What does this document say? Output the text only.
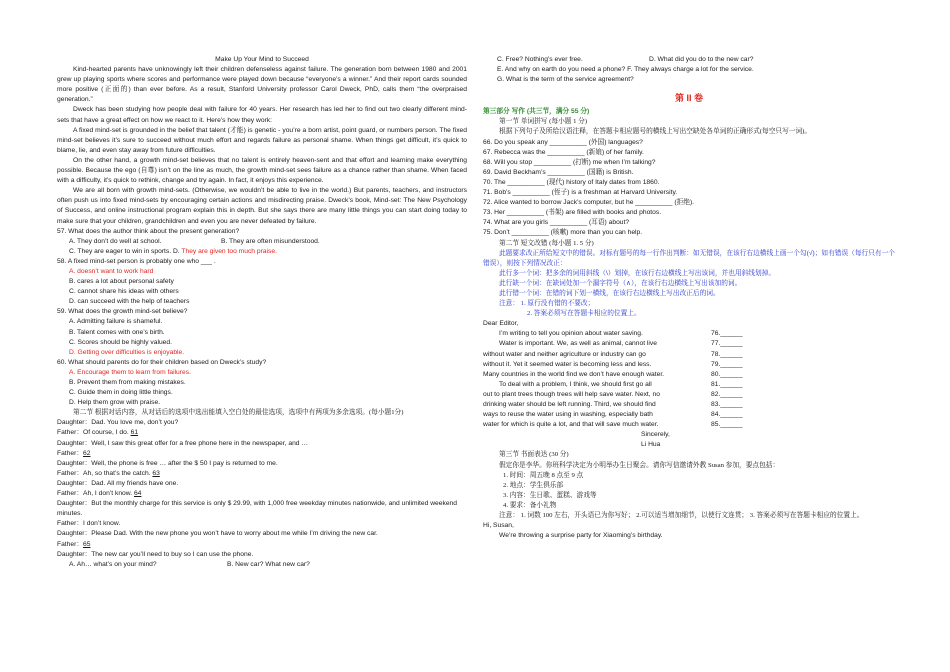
Make Up Your Mind to Succeed
Kind-hearted parents have unknowingly left their children defenseless against failure. The generation born between 1980 and 2001 grew up playing sports where scores and performance were played down because “everyone’s a winner.” And their report cards sounded more positive (正面的) than ever before. As a result, Stanford University professor Carol Dweck, PhD, calls them “the overpraised generation.”
Dweck has been studying how people deal with failure for 40 years. Her research has led her to find out two clearly different mind-sets that have a great effect on how we react to it. Here’s how they work:
A fixed mind-set is grounded in the belief that talent (才能) is genetic - you’re a born artist, point guard, or numbers person. The fixed mind-set believes it’s sure to succeed without much effort and regards failure as personal shame. When things get difficult, it’s quick to blame, lie, and even stay away from future difficulties.
On the other hand, a growth mind-set believes that no talent is entirely heaven-sent and that effort and learning make everything possible. Because the ego (自尊) isn’t on the line as much, the growth mind-set sees failure as a chance rather than shame. When faced with a difficulty, it’s quick to rethink, change and try again. In fact, it enjoys this experience.
We are all born with growth mind-sets. (Otherwise, we wouldn’t be able to live in the world.) But parents, teachers, and instructors often push us into fixed mind-sets by encouraging certain actions and misdirecting praise. Dweck’s book, Mind-set: The New Psychology of Success, and online instructional program explain this in depth. But she says there are many little things you can start doing today to make sure that your children, grandchildren and even you are never defeated by failure.
57. What does the author think about the present generation?
A. They don’t do well at school.	B. They are often misunderstood.
C. They are eager to win in sports. D. They are given too much praise.
58. A fixed mind-set person is probably one who ___ .
A. doesn’t want to work hard
B. cares a lot about personal safety
C. cannot share his ideas with others
D. can succeed with the help of teachers
59. What does the growth mind-set believe?
A. Admitting failure is shameful.
B. Talent comes with one’s birth.
C. Scores should be highly valued.
D. Getting over difficulties is enjoyable.
60. What should parents do for their children based on Dweck’s study?
A. Encourage them to learn from failures.
B. Prevent them from making mistakes.
C. Guide them in doing little things.
D. Help them grow with praise.
第二节 根据对话内容，从对话后的选项中选出能填入空白处的最佳选项，选项中有两项为多余选项。(每小题1分)
Daughter：Dad. You love me, don’t you?
Father：Of course, I do. 61
Daughter：Well, I saw this great offer for a free phone here in the newspaper, and …
Father：62
Daughter：Well, the phone is free … after the $ 50 I pay is returned to me.
Father：Ah, so that’s the catch. 63
Daughter：Dad. All my friends have one.
Father：Ah, I don’t know. 64
Daughter：But the monthly charge for this service is only $ 29.99, with 1,000 free weekday minutes nationwide, and unlimited weekend minutes.
Father：I don’t know.
Daughter：Please Dad. With the new phone you won’t have to worry about me while I’m driving the new car.
Father：65
Daughter：The new car you’ll need to buy so I can use the phone.
A. Ah… what’s on your mind?	B. New car? What new car?
C. Free? Nothing’s ever free.	D. What did you do to the new car?
E. And why on earth do you need a phone? F. They always charge a lot for the service.
G. What is the term of the service agreement?
第 II 卷
第三部分 写作 (共三节，满分 55 分)
第一节 单词拼写 (每小题 1 分)
根据下列句子及所给汉语注释，在答题卡相应题号的横线上写出空缺处各单词的正确形式(每空只写一词)。
66. Do you speak any __________ (外国) languages?
67. Rebecca was the __________ (新娘) of her family.
68. Will you stop __________ (打断) me when I’m talking?
69. David Beckham’s __________ (国籍) is British.
70. The __________ (现代) history of Italy dates from 1860.
71. Bob’s __________ (侄子) is a freshman at Harvard University.
72. Alice wanted to borrow Jack’s computer, but he __________ (拒绝).
73. Her __________ (书架) are filled with books and photos.
74. What are you girls __________ (耳语) about?
75. Don’t __________ (咳嗽) more than you can help.
第二节 短文改错 (每小题 1. 5 分)
此题要求改正所给短文中的错误。对标有题号的每一行作出判断：如无错误，在该行右边横线上画一个勾(√)；如有错误（每行只有一个错误），则按下列情况改正：
此行多一个词：把多余的词用斜线（\）划掉，在该行右边横线上写出该词，并也用斜线划掉。
此行缺一个词：在缺词处加一个漏字符号（∧），在该行右边横线上写出该加的词。
此行错一个词：在错的词下划一横线，在该行右边横线上写出改正后的词。
注意： 1. 原行没有错的不要改；
2. 答案必须写在答题卡相应的位置上。
Dear Editor,
I’m writing to tell you opinion about water saving.	76.______
Water is important. We, as well as animal, cannot live	77.______
without water and neither agriculture or industry can go	78.______
without it. Yet it seemed water is becoming less and less.	79.______
Many countries in the world find we don’t have enough water.	80.______
To deal with a problem, I think, we should first go all	81.______
out to plant trees though trees will help save water. Next, no	82.______
drinking water should be left running. Third, we should find	83.______
ways to reuse the water using in washing, especially bath	84.______
water for which is quite a lot, and that will save much water.	85.______
Sincerely,
Li Hua
第三节 书面表达 (30 分)
假定你是李华。你班科学决定为小明举办生日聚会。请你写信邀请外教 Susan 参加，要点包括：
1. 时间：周五晚 8 点至 9 点
2. 地点：学生俱乐部
3. 内容：生日歌、蛋糕、游戏等
4. 要求：备小礼物
注意： 1. 词数 100 左右，开头语已为你写好； 2.可以适当增加细节，以使行文连贯； 3. 答案必须写在答题卡相应的位置上。
Hi, Susan,
We’re throwing a surprise party for Xiaoming’s birthday.
